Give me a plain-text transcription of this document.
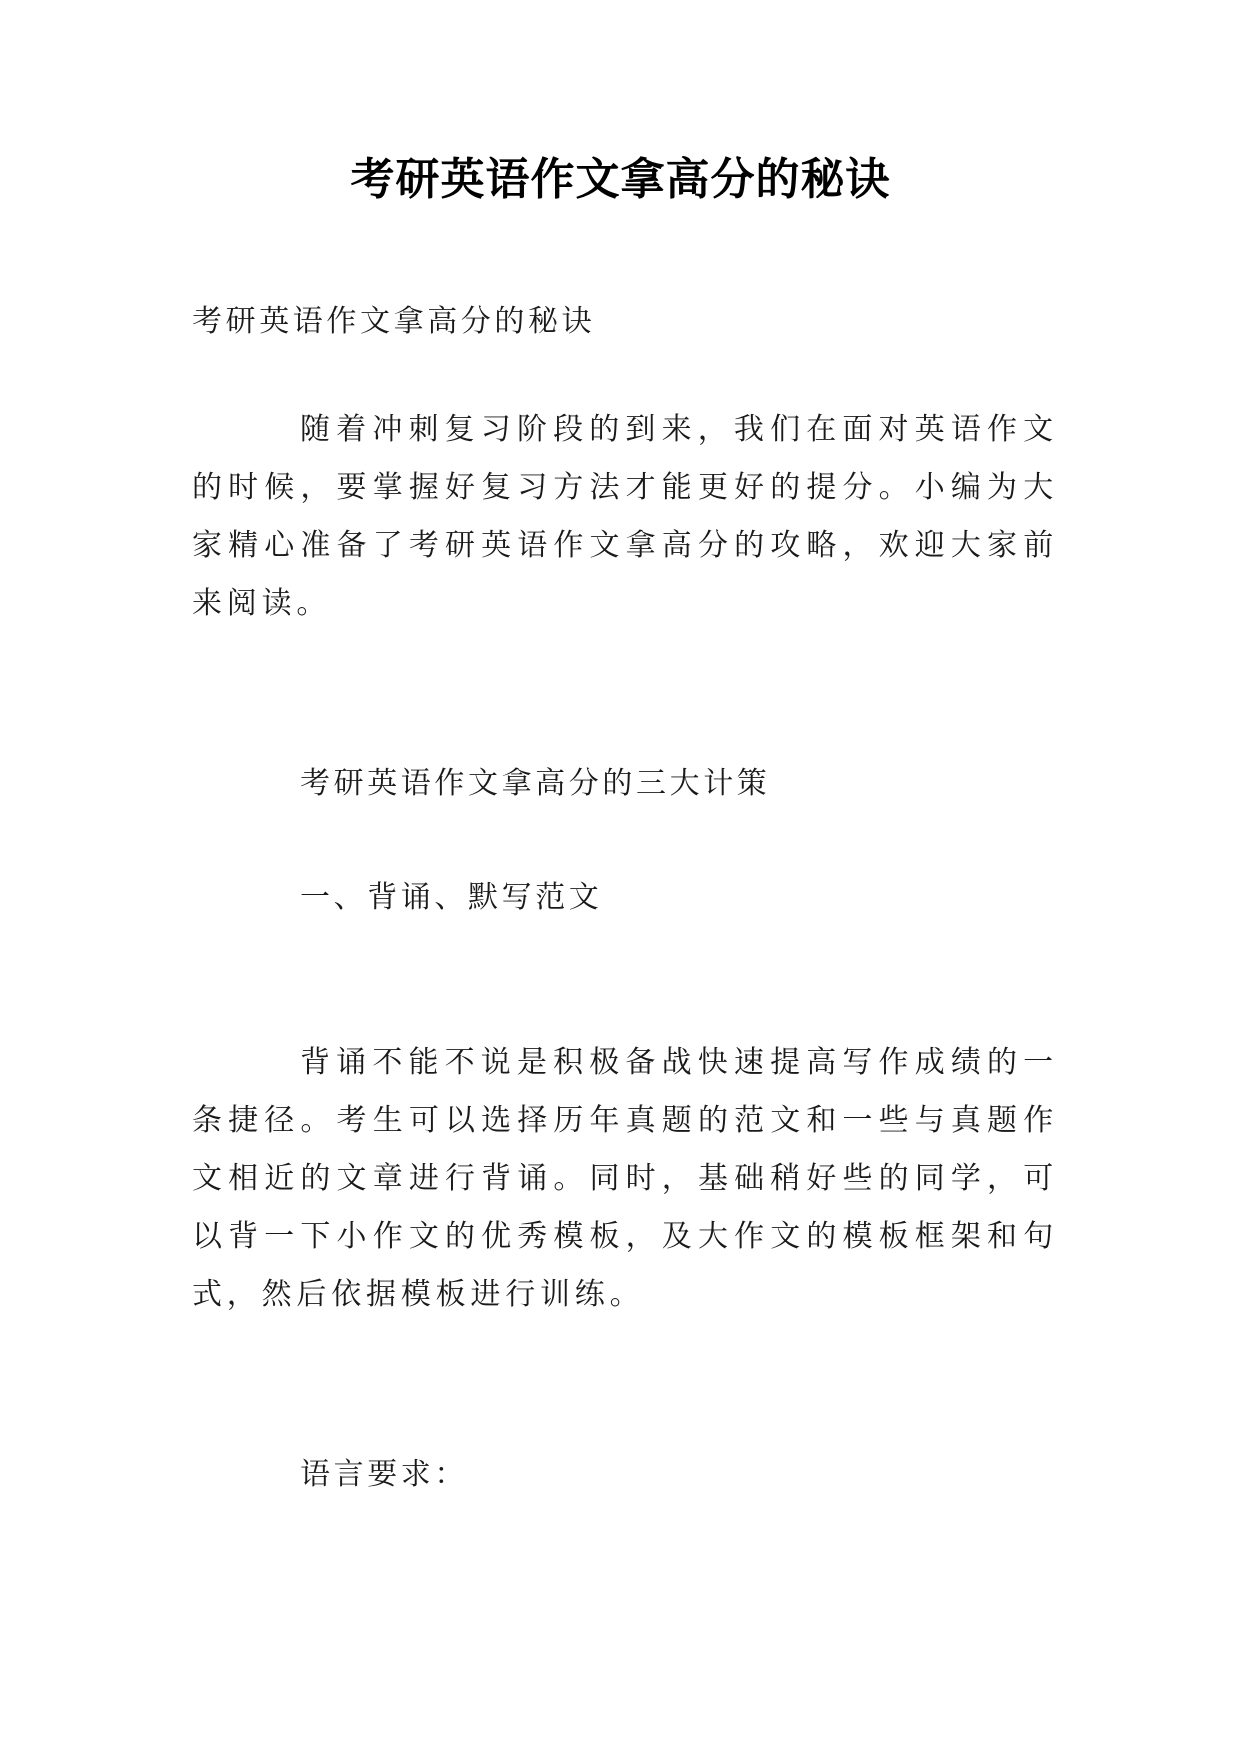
考研英语作文拿高分的秘诀

考研英语作文拿高分的秘诀

随着冲刺复习阶段的到来，我们在面对英语作文的时候，要掌握好复习方法才能更好的提分。小编为大家精心准备了考研英语作文拿高分的攻略，欢迎大家前来阅读。

考研英语作文拿高分的三大计策

一、背诵、默写范文

背诵不能不说是积极备战快速提高写作成绩的一条捷径。考生可以选择历年真题的范文和一些与真题作文相近的文章进行背诵。同时，基础稍好些的同学，可以背一下小作文的优秀模板，及大作文的模板框架和句式，然后依据模板进行训练。

语言要求：
